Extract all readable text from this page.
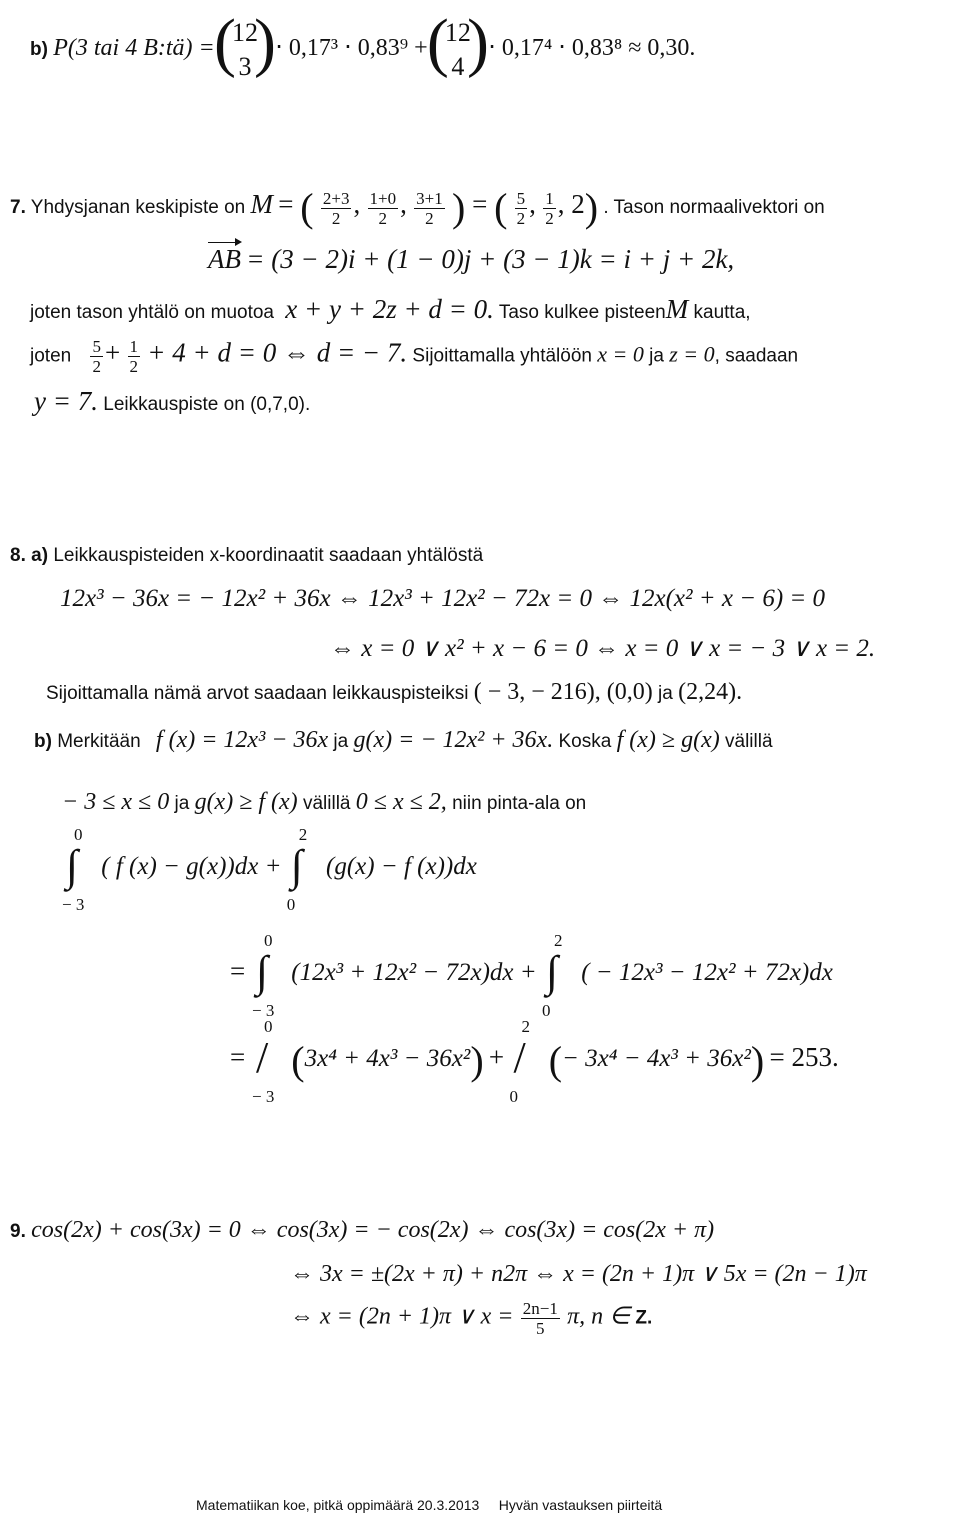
b) P(3 tai 4 B:tä) = (
12
3 ) ⋅ 0,17³ ⋅ 0,83⁹ + (
12
4 ) ⋅ 0,17⁴ ⋅ 0,83⁸ ≈ 0,30.
7. Yhdysjanan keskipiste on M = ( $\frac{2+3}{2}$ , $\frac{1+0}{2}$ , $\frac{3+1}{2}$ ) = ( $\frac{5}{2}$ , $\frac{1}{2}$ , 2) . Tason normaalivektori on
AB = (3 − 2)i + (1 − 0)j + (3 − 1)k = i + j + 2k,
joten tason yhtälö on muotoa x + y + 2z + d = 0. Taso kulkee pisteenM kautta,
joten $\frac{5}{2} + \frac{1}{2} + 4 + d = 0$ ⇔ d = − 7. Sijoittamalla yhtälöön x = 0 ja z = 0, saadaan
y = 7. Leikkauspiste on (0,7,0).
8. a) Leikkauspisteiden x-koordinaatit saadaan yhtälöstä
12x³ − 36x = − 12x² + 36x ⇔ 12x³ + 12x² − 72x = 0 ⇔ 12x(x² + x − 6) = 0
⇔ x = 0 ∨ x² + x − 6 = 0 ⇔ x = 0 ∨ x = − 3 ∨ x = 2.
Sijoittamalla nämä arvot saadaan leikkauspisteiksi ( − 3, − 216), (0,0) ja (2,24).
b) Merkitään f (x) = 12x³ − 36x ja g(x) = − 12x² + 36x. Koska f (x) ≥ g(x) välillä
− 3 ≤ x ≤ 0 ja g(x) ≥ f (x) välillä 0 ≤ x ≤ 2, niin pinta-ala on
0
∫
− 3
( f (x) − g(x))dx +
2
∫
0
(g(x) − f (x))dx
=
0
∫
− 3
(12x³ + 12x² − 72x)dx +
2
∫
0
( − 12x³ − 12x² + 72x)dx
=
0
/
− 3
(3x⁴ + 4x³ − 36x²) +
2
/
0
(− 3x⁴ − 4x³ + 36x²) = 253.
9. cos(2x) + cos(3x) = 0 ⇔ cos(3x) = − cos(2x) ⇔ cos(3x) = cos(2x + π)
⇔ 3x = ±(2x + π) + n2π ⇔ x = (2n + 1)π ∨ 5x = (2n − 1)π
⇔ x = (2n + 1)π ∨ $x = \frac{2n-1}{5} \pi$, n ∈ Z.
Matematiikan koe, pitkä oppimäärä 20.3.2013     Hyvän vastauksen piirteitä
